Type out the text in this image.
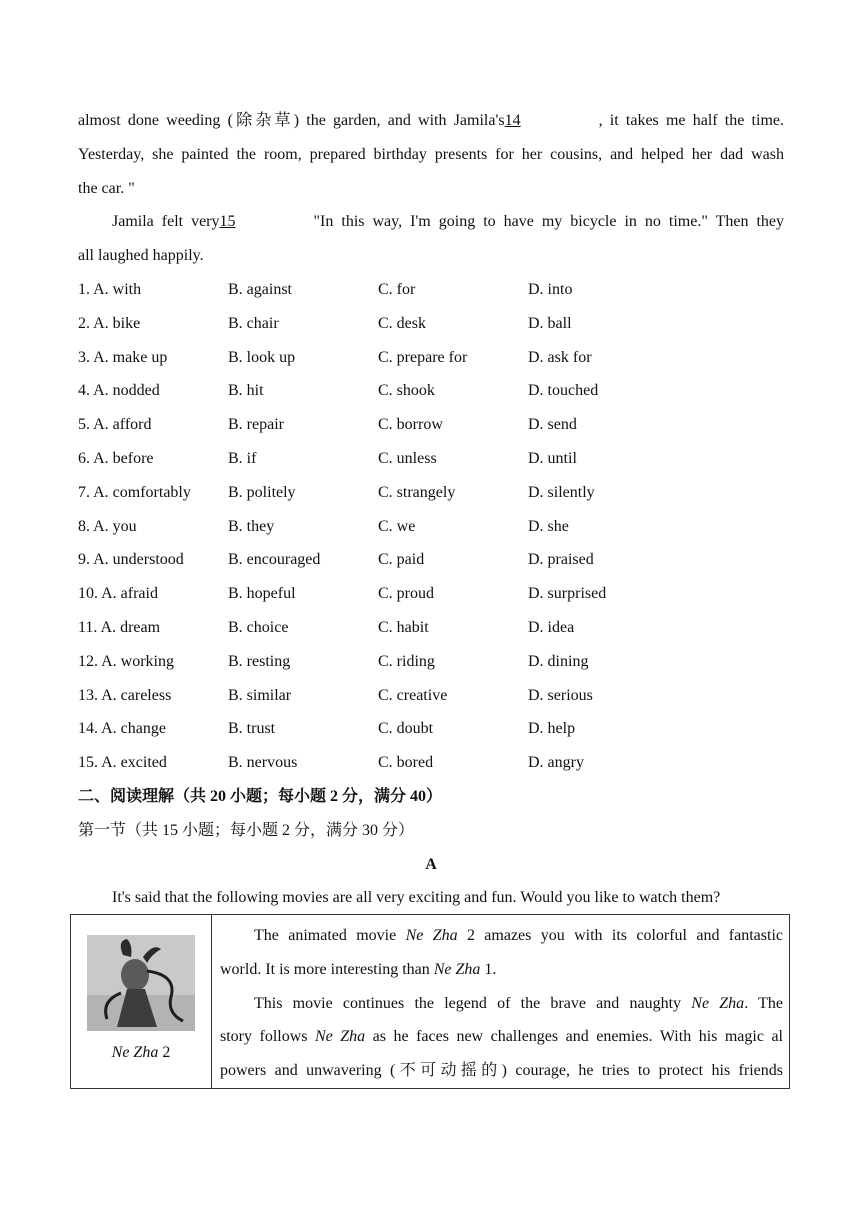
almost done weeding (除杂草) the garden, and with Jamila's14	, it takes me half the time.
Yesterday, she painted the room, prepared birthday presents for her cousins, and helped her dad wash
the car. "
Jamila felt very15	"In this way, I'm going to have my bicycle in no time." Then they
all laughed happily.
1. A. with	B. against	C. for	D. into
2. A. bike	B. chair	C. desk	D. ball
3. A. make up	B. look up	C. prepare for	D. ask for
4. A. nodded	B. hit	C. shook	D. touched
5. A. afford	B. repair	C. borrow	D. send
6. A. before	B. if	C. unless	D. until
7. A. comfortably B. politely	C. strangely	D. silently
8. A. you	B. they	C. we	D. she
9. A. understood	B. encouraged	C. paid	D. praised
10. A. afraid	B. hopeful	C. proud	D. surprised
11. A. dream	B. choice	C. habit	D. idea
12. A. working	B. resting	C. riding	D. dining
13. A. careless	B. similar	C. creative	D. serious
14. A. change	B. trust	C. doubt	D. help
15. A. excited	B. nervous	C. bored	D. angry
二、阅读理解（共 20 小题；每小题 2 分，满分 40）
第一节（共 15 小题；每小题 2 分，满分 30 分）
A
It's said that the following movies are all very exciting and fun. Would you like to watch them?
Ne Zha 2

The animated movie Ne Zha 2 amazes you with its colorful and fantastic
world. It is more interesting than Ne Zha 1.
This movie continues the legend of the brave and naughty Ne Zha. The
story follows Ne Zha as he faces new challenges and enemies. With his magic al
powers and unwavering (不可动摇的) courage, he tries to protect his friends
